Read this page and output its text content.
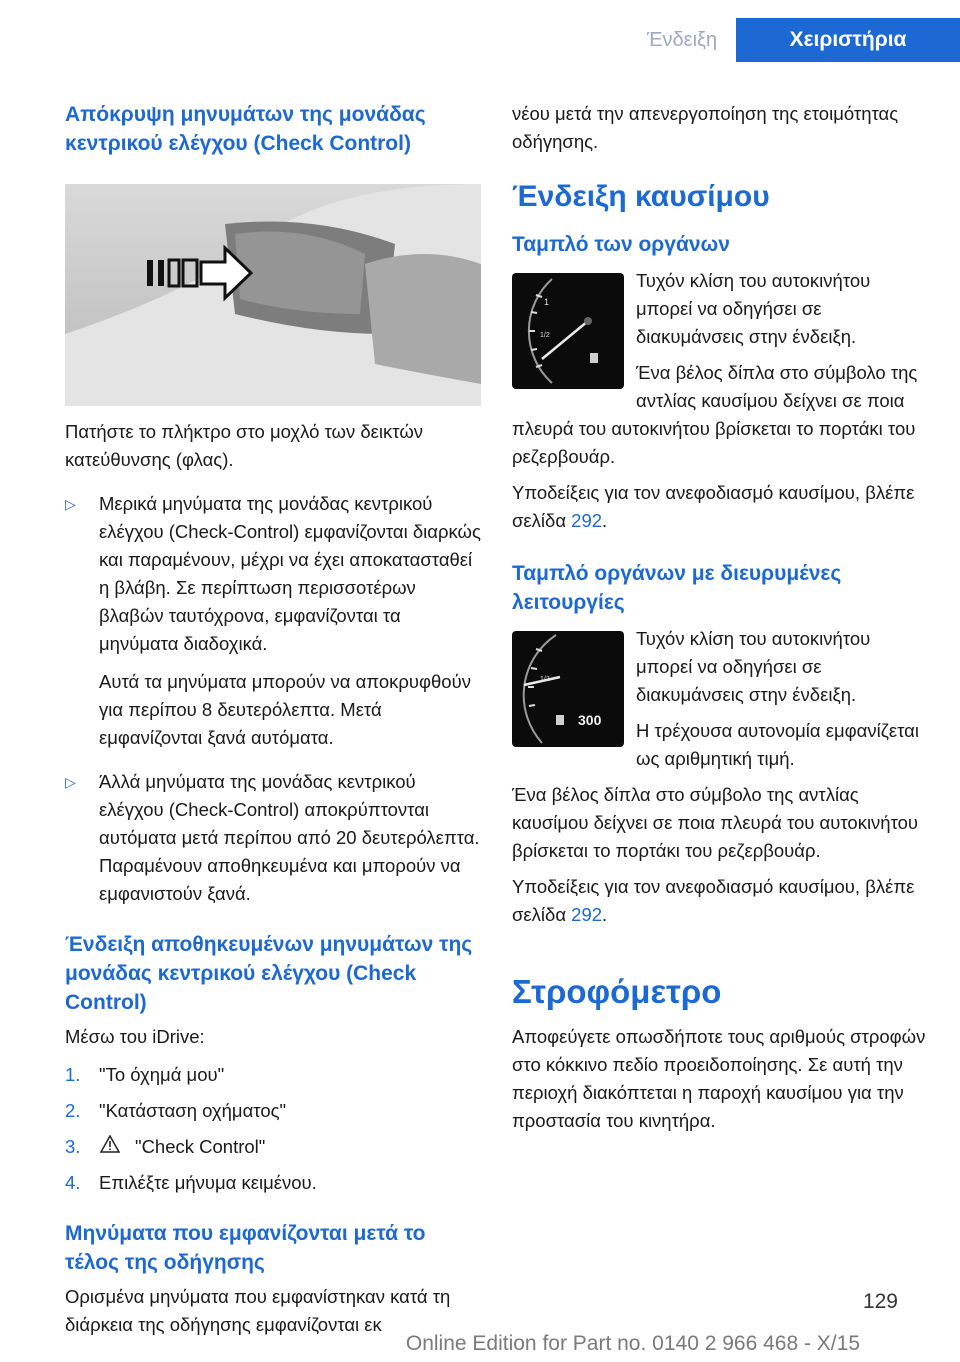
Ένδειξη	Χειριστήρια
Απόκρυψη μηνυμάτων της μονάδας κεντρικού ελέγχου (Check Control)

Πατήστε το πλήκτρο στο μοχλό των δεικτών κατεύθυνσης (φλας).

▷	Μερικά μηνύματα της μονάδας κεντρικού ελέγχου (Check-Control) εμφανίζονται διαρκώς και παραμένουν, μέχρι να έχει αποκατασταθεί η βλάβη. Σε περίπτωση περισσοτέρων βλαβών ταυτόχρονα, εμφανίζονται τα μηνύματα διαδοχικά.

Αυτά τα μηνύματα μπορούν να αποκρυφθούν για περίπου 8 δευτερόλεπτα. Μετά εμφανίζονται ξανά αυτόματα.

▷	Άλλά μηνύματα της μονάδας κεντρικού ελέγχου (Check-Control) αποκρύπτονται αυτόματα μετά περίπου από 20 δευτερόλεπτα. Παραμένουν αποθηκευμένα και μπορούν να εμφανιστούν ξανά.

Ένδειξη αποθηκευμένων μηνυμάτων της μονάδας κεντρικού ελέγχου (Check Control)

Μέσω του iDrive:

1.	"Το όχημά μου"
2.	"Κατάσταση οχήματος"
3.	"Check Control"
4.	Επιλέξτε μήνυμα κειμένου.
Μηνύματα που εμφανίζονται μετά το τέλος της οδήγησης

Ορισμένα μηνύματα που εμφανίστηκαν κατά τη διάρκεια της οδήγησης εμφανίζονται εκ

νέου μετά την απενεργοποίηση της ετοιμότητας οδήγησης.

Ένδειξη καυσίμου
Ταμπλό των οργάνων
1
1/2

Τυχόν κλίση του αυτοκινήτου μπορεί να οδηγήσει σε διακυμάνσεις στην ένδειξη.

Ένα βέλος δίπλα στο σύμβολο της αντλίας καυσίμου δείχνει σε ποια πλευρά του αυτοκινήτου βρίσκεται το πορτάκι του ρεζερβουάρ.

Υποδείξεις για τον ανεφοδιασμό καυσίμου, βλέπε σελίδα 292.

Ταμπλό οργάνων με διευρυμένες λειτουργίες
1/2
300

Τυχόν κλίση του αυτοκινήτου μπορεί να οδηγήσει σε διακυμάνσεις στην ένδειξη.

Η τρέχουσα αυτονομία εμφανίζεται ως αριθμητική τιμή.

Ένα βέλος δίπλα στο σύμβολο της αντλίας καυσίμου δείχνει σε ποια πλευρά του αυτοκινήτου βρίσκεται το πορτάκι του ρεζερβουάρ.

Υποδείξεις για τον ανεφοδιασμό καυσίμου, βλέπε σελίδα 292.

Στροφόμετρο

Αποφεύγετε οπωσδήποτε τους αριθμούς στροφών στο κόκκινο πεδίο προειδοποίησης. Σε αυτή την περιοχή διακόπτεται η παροχή καυσίμου για την προστασία του κινητήρα.

129
Online Edition for Part no. 0140 2 966 468 - X/15
